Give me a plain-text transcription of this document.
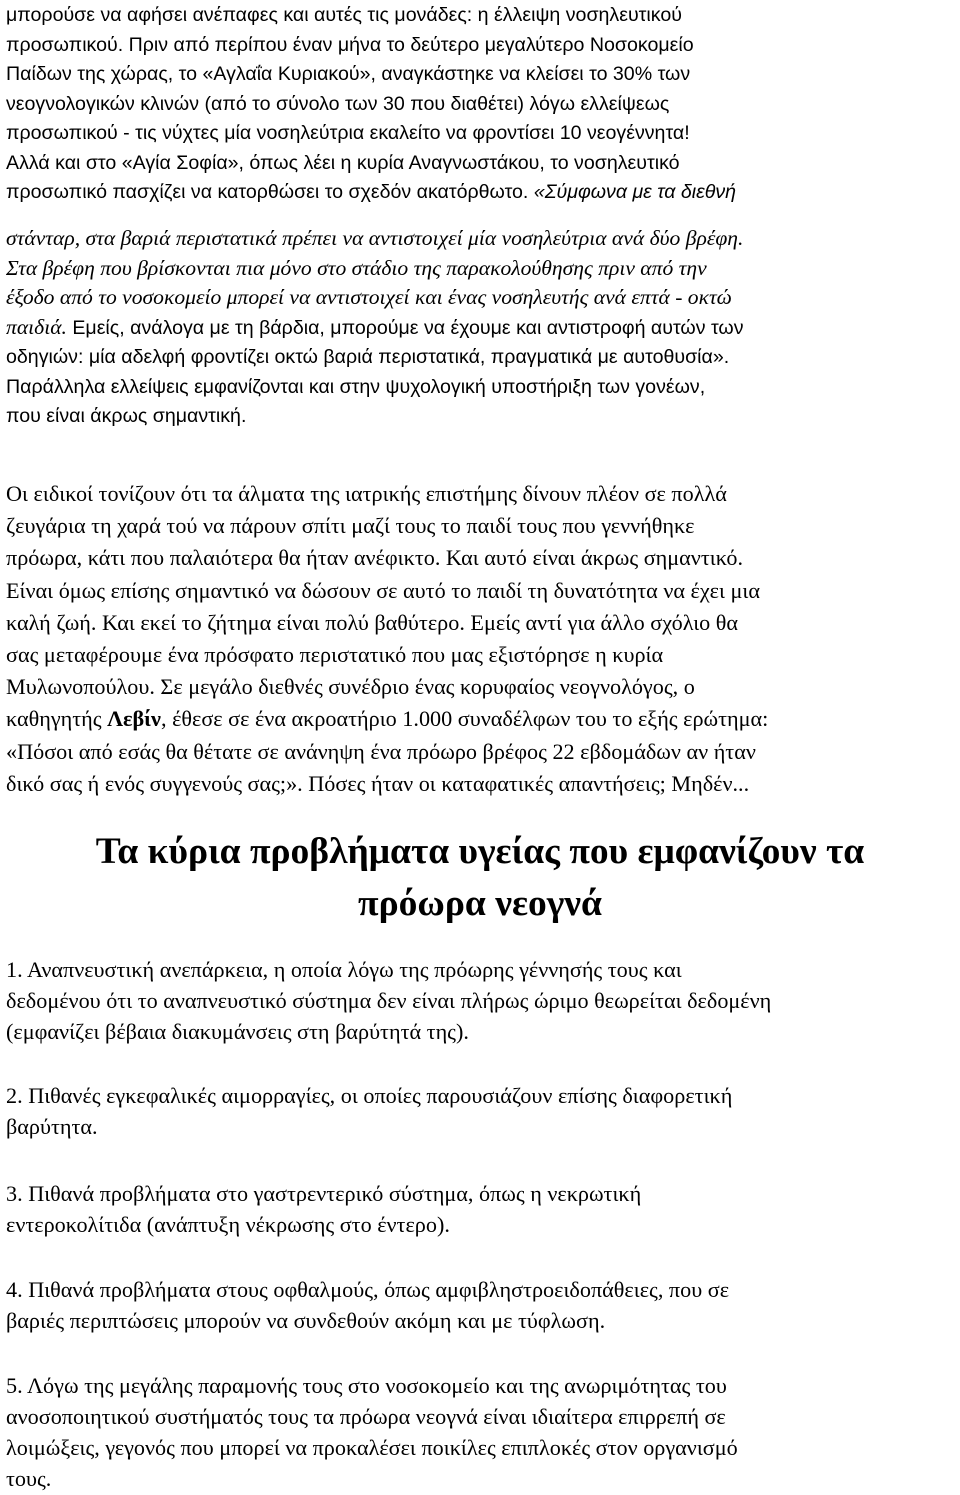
μπορούσε να αφήσει ανέπαφες και αυτές τις μονάδες: η έλλειψη νοσηλευτικού
προσωπικού. Πριν από περίπου έναν μήνα το δεύτερο μεγαλύτερο Νοσοκομείο
Παίδων της χώρας, το «Αγλαΐα Κυριακού», αναγκάστηκε να κλείσει το 30% των
νεογνολογικών κλινών (από το σύνολο των 30 που διαθέτει) λόγω ελλείψεως
προσωπικού - τις νύχτες μία νοσηλεύτρια εκαλείτο να φροντίσει 10 νεογέννητα!
Αλλά και στο «Αγία Σοφία», όπως λέει η κυρία Αναγνωστάκου, το νοσηλευτικό
προσωπικό πασχίζει να κατορθώσει το σχεδόν ακατόρθωτο. «Σύμφωνα με τα διεθνή
στάνταρ, στα βαριά περιστατικά πρέπει να αντιστοιχεί μία νοσηλεύτρια ανά δύο βρέφη.
Στα βρέφη που βρίσκονται πια μόνο στο στάδιο της παρακολούθησης πριν από την
έξοδο από το νοσοκομείο μπορεί να αντιστοιχεί και ένας νοσηλευτής ανά επτά - οκτώ
παιδιά. Εμείς, ανάλογα με τη βάρδια, μπορούμε να έχουμε και αντιστροφή αυτών των
οδηγιών: μία αδελφή φροντίζει οκτώ βαριά περιστατικά, πραγματικά με αυτοθυσία».
Παράλληλα ελλείψεις εμφανίζονται και στην ψυχολογική υποστήριξη των γονέων,
που είναι άκρως σημαντική.
Οι ειδικοί τονίζουν ότι τα άλματα της ιατρικής επιστήμης δίνουν πλέον σε πολλά
ζευγάρια τη χαρά τού να πάρουν σπίτι μαζί τους το παιδί τους που γεννήθηκε
πρόωρα, κάτι που παλαιότερα θα ήταν ανέφικτο. Και αυτό είναι άκρως σημαντικό.
Είναι όμως επίσης σημαντικό να δώσουν σε αυτό το παιδί τη δυνατότητα να έχει μια
καλή ζωή. Και εκεί το ζήτημα είναι πολύ βαθύτερο. Εμείς αντί για άλλο σχόλιο θα
σας μεταφέρουμε ένα πρόσφατο περιστατικό που μας εξιστόρησε η κυρία
Μυλωνοπούλου. Σε μεγάλο διεθνές συνέδριο ένας κορυφαίος νεογνολόγος, ο
καθηγητής Λεβίν, έθεσε σε ένα ακροατήριο 1.000 συναδέλφων του το εξής ερώτημα:
«Πόσοι από εσάς θα θέτατε σε ανάνηψη ένα πρόωρο βρέφος 22 εβδομάδων αν ήταν
δικό σας ή ενός συγγενούς σας;». Πόσες ήταν οι καταφατικές απαντήσεις; Μηδέν...
Τα κύρια προβλήματα υγείας που εμφανίζουν τα
πρόωρα νεογνά
1. Αναπνευστική ανεπάρκεια, η οποία λόγω της πρόωρης γέννησής τους και
δεδομένου ότι το αναπνευστικό σύστημα δεν είναι πλήρως ώριμο θεωρείται δεδομένη
(εμφανίζει βέβαια διακυμάνσεις στη βαρύτητά της).
2. Πιθανές εγκεφαλικές αιμορραγίες, οι οποίες παρουσιάζουν επίσης διαφορετική
βαρύτητα.
3. Πιθανά προβλήματα στο γαστρεντερικό σύστημα, όπως η νεκρωτική
εντεροκολίτιδα (ανάπτυξη νέκρωσης στο έντερο).
4. Πιθανά προβλήματα στους οφθαλμούς, όπως αμφιβληστροειδοπάθειες, που σε
βαριές περιπτώσεις μπορούν να συνδεθούν ακόμη και με τύφλωση.
5. Λόγω της μεγάλης παραμονής τους στο νοσοκομείο και της ανωριμότητας του
ανοσοποιητικού συστήματός τους τα πρόωρα νεογνά είναι ιδιαίτερα επιρρεπή σε
λοιμώξεις, γεγονός που μπορεί να προκαλέσει ποικίλες επιπλοκές στον οργανισμό
τους.
